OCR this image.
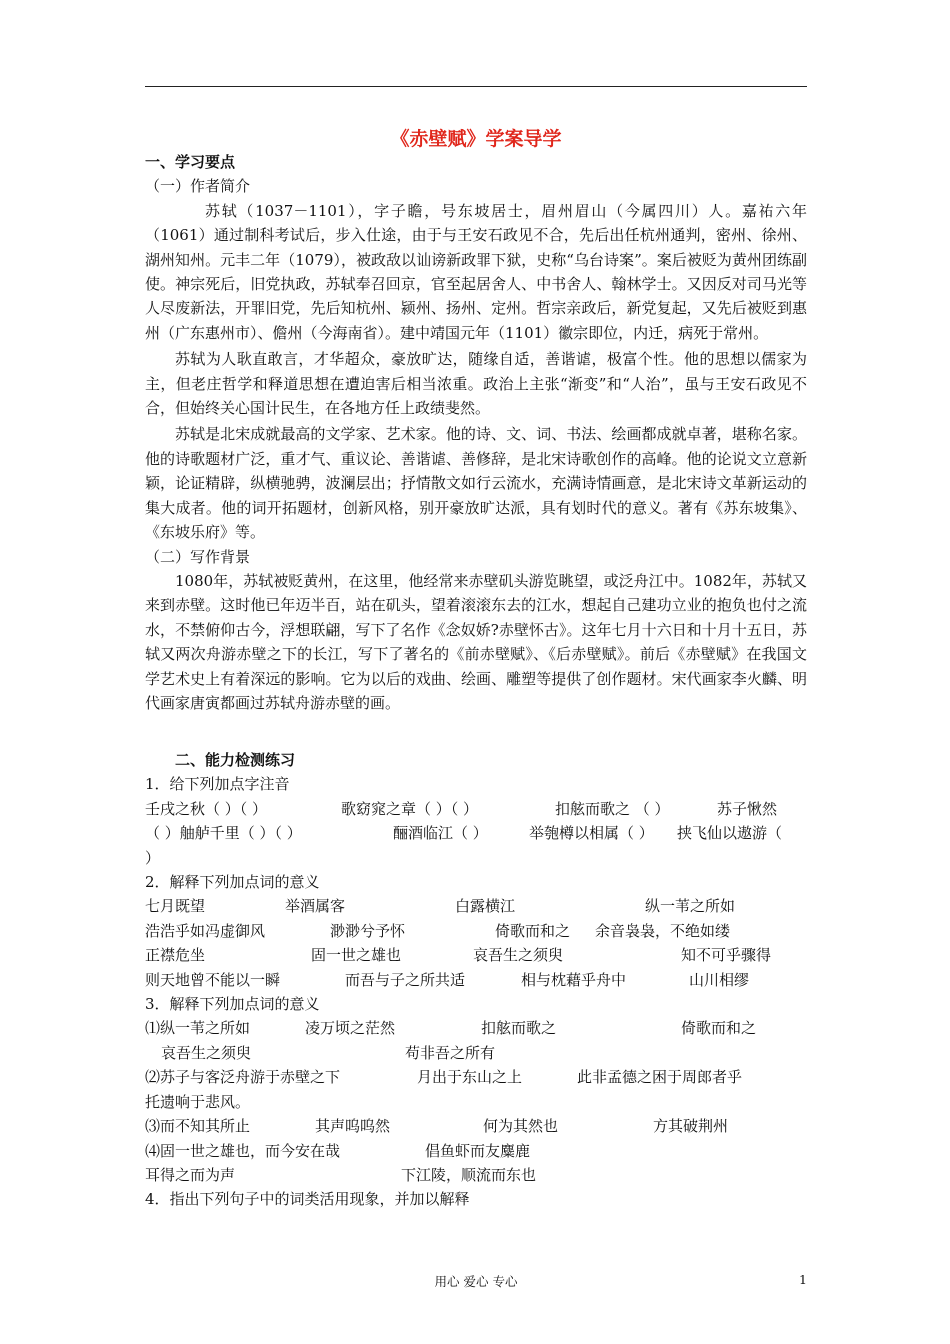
《赤壁赋》学案导学

一、学习要点

（一）作者简介

苏轼（1037－1101），字子瞻，号东坡居士，眉州眉山（今属四川）人。嘉祐六年（1061）通过制科考试后，步入仕途，由于与王安石政见不合，先后出任杭州通判，密州、徐州、湖州知州。元丰二年（1079），被政敌以讪谤新政罪下狱，史称“乌台诗案”。案后被贬为黄州团练副使。神宗死后，旧党执政，苏轼奉召回京，官至起居舍人、中书舍人、翰林学士。又因反对司马光等人尽废新法，开罪旧党，先后知杭州、颍州、扬州、定州。哲宗亲政后，新党复起，又先后被贬到惠州（广东惠州市）、儋州（今海南省）。建中靖国元年（1101）徽宗即位，内迁，病死于常州。

苏轼为人耿直敢言，才华超众，豪放旷达，随缘自适，善谐谑，极富个性。他的思想以儒家为主，但老庄哲学和释道思想在遭迫害后相当浓重。政治上主张“渐变”和“人治”，虽与王安石政见不合，但始终关心国计民生，在各地方任上政绩斐然。

苏轼是北宋成就最高的文学家、艺术家。他的诗、文、词、书法、绘画都成就卓著，堪称名家。他的诗歌题材广泛，重才气、重议论、善谐谑、善修辞，是北宋诗歌创作的高峰。他的论说文立意新颖，论证精辟，纵横驰骋，波澜层出；抒情散文如行云流水，充满诗情画意，是北宋诗文革新运动的集大成者。他的词开拓题材，创新风格，别开豪放旷达派，具有划时代的意义。著有《苏东坡集》、《东坡乐府》等。

（二）写作背景

1080年，苏轼被贬黄州，在这里，他经常来赤壁矶头游览眺望，或泛舟江中。1082年，苏轼又来到赤壁。这时他已年迈半百，站在矶头，望着滚滚东去的江水，想起自己建功立业的抱负也付之流水，不禁俯仰古今，浮想联翩，写下了名作《念奴娇?赤壁怀古》。这年七月十六日和十月十五日，苏轼又两次舟游赤壁之下的长江，写下了著名的《前赤壁赋》、《后赤壁赋》。前后《赤壁赋》在我国文学艺术史上有着深远的影响。它为以后的戏曲、绘画、雕塑等提供了创作题材。宋代画家李火麟、明代画家唐寅都画过苏轼舟游赤壁的画。

二、能力检测练习

1．给下列加点字注音

壬戌之秋（ ）（ ）	歌窈窕之章（ ）（ ）	扣舷而歌之 （ ）	苏子愀然

（ ）舳舻千里（ ）（ ）	酾酒临江（ ）	举匏樽以相属（ ） 挟飞仙以遨游（

）

2．解释下列加点词的意义

七月既望	举酒属客	白露横江	纵一苇之所如

浩浩乎如冯虚御风	渺渺兮予怀	倚歌而和之 余音袅袅，不绝如缕

正襟危坐	固一世之雄也	哀吾生之须臾	知不可乎骤得

则天地曾不能以一瞬	而吾与子之所共适	相与枕藉乎舟中	山川相缪

3．解释下列加点词的意义

⑴纵一苇之所如	凌万顷之茫然	扣舷而歌之	倚歌而和之

哀吾生之须臾	苟非吾之所有

⑵苏子与客泛舟游于赤壁之下	月出于东山之上	此非孟德之困于周郎者乎

托遗响于悲风。

⑶而不知其所止	其声呜呜然	何为其然也	方其破荆州

⑷固一世之雄也，而今安在哉	倡鱼虾而友麋鹿

耳得之而为声	下江陵，顺流而东也

4．指出下列句子中的词类活用现象，并加以解释

用心 爱心 专心	1
